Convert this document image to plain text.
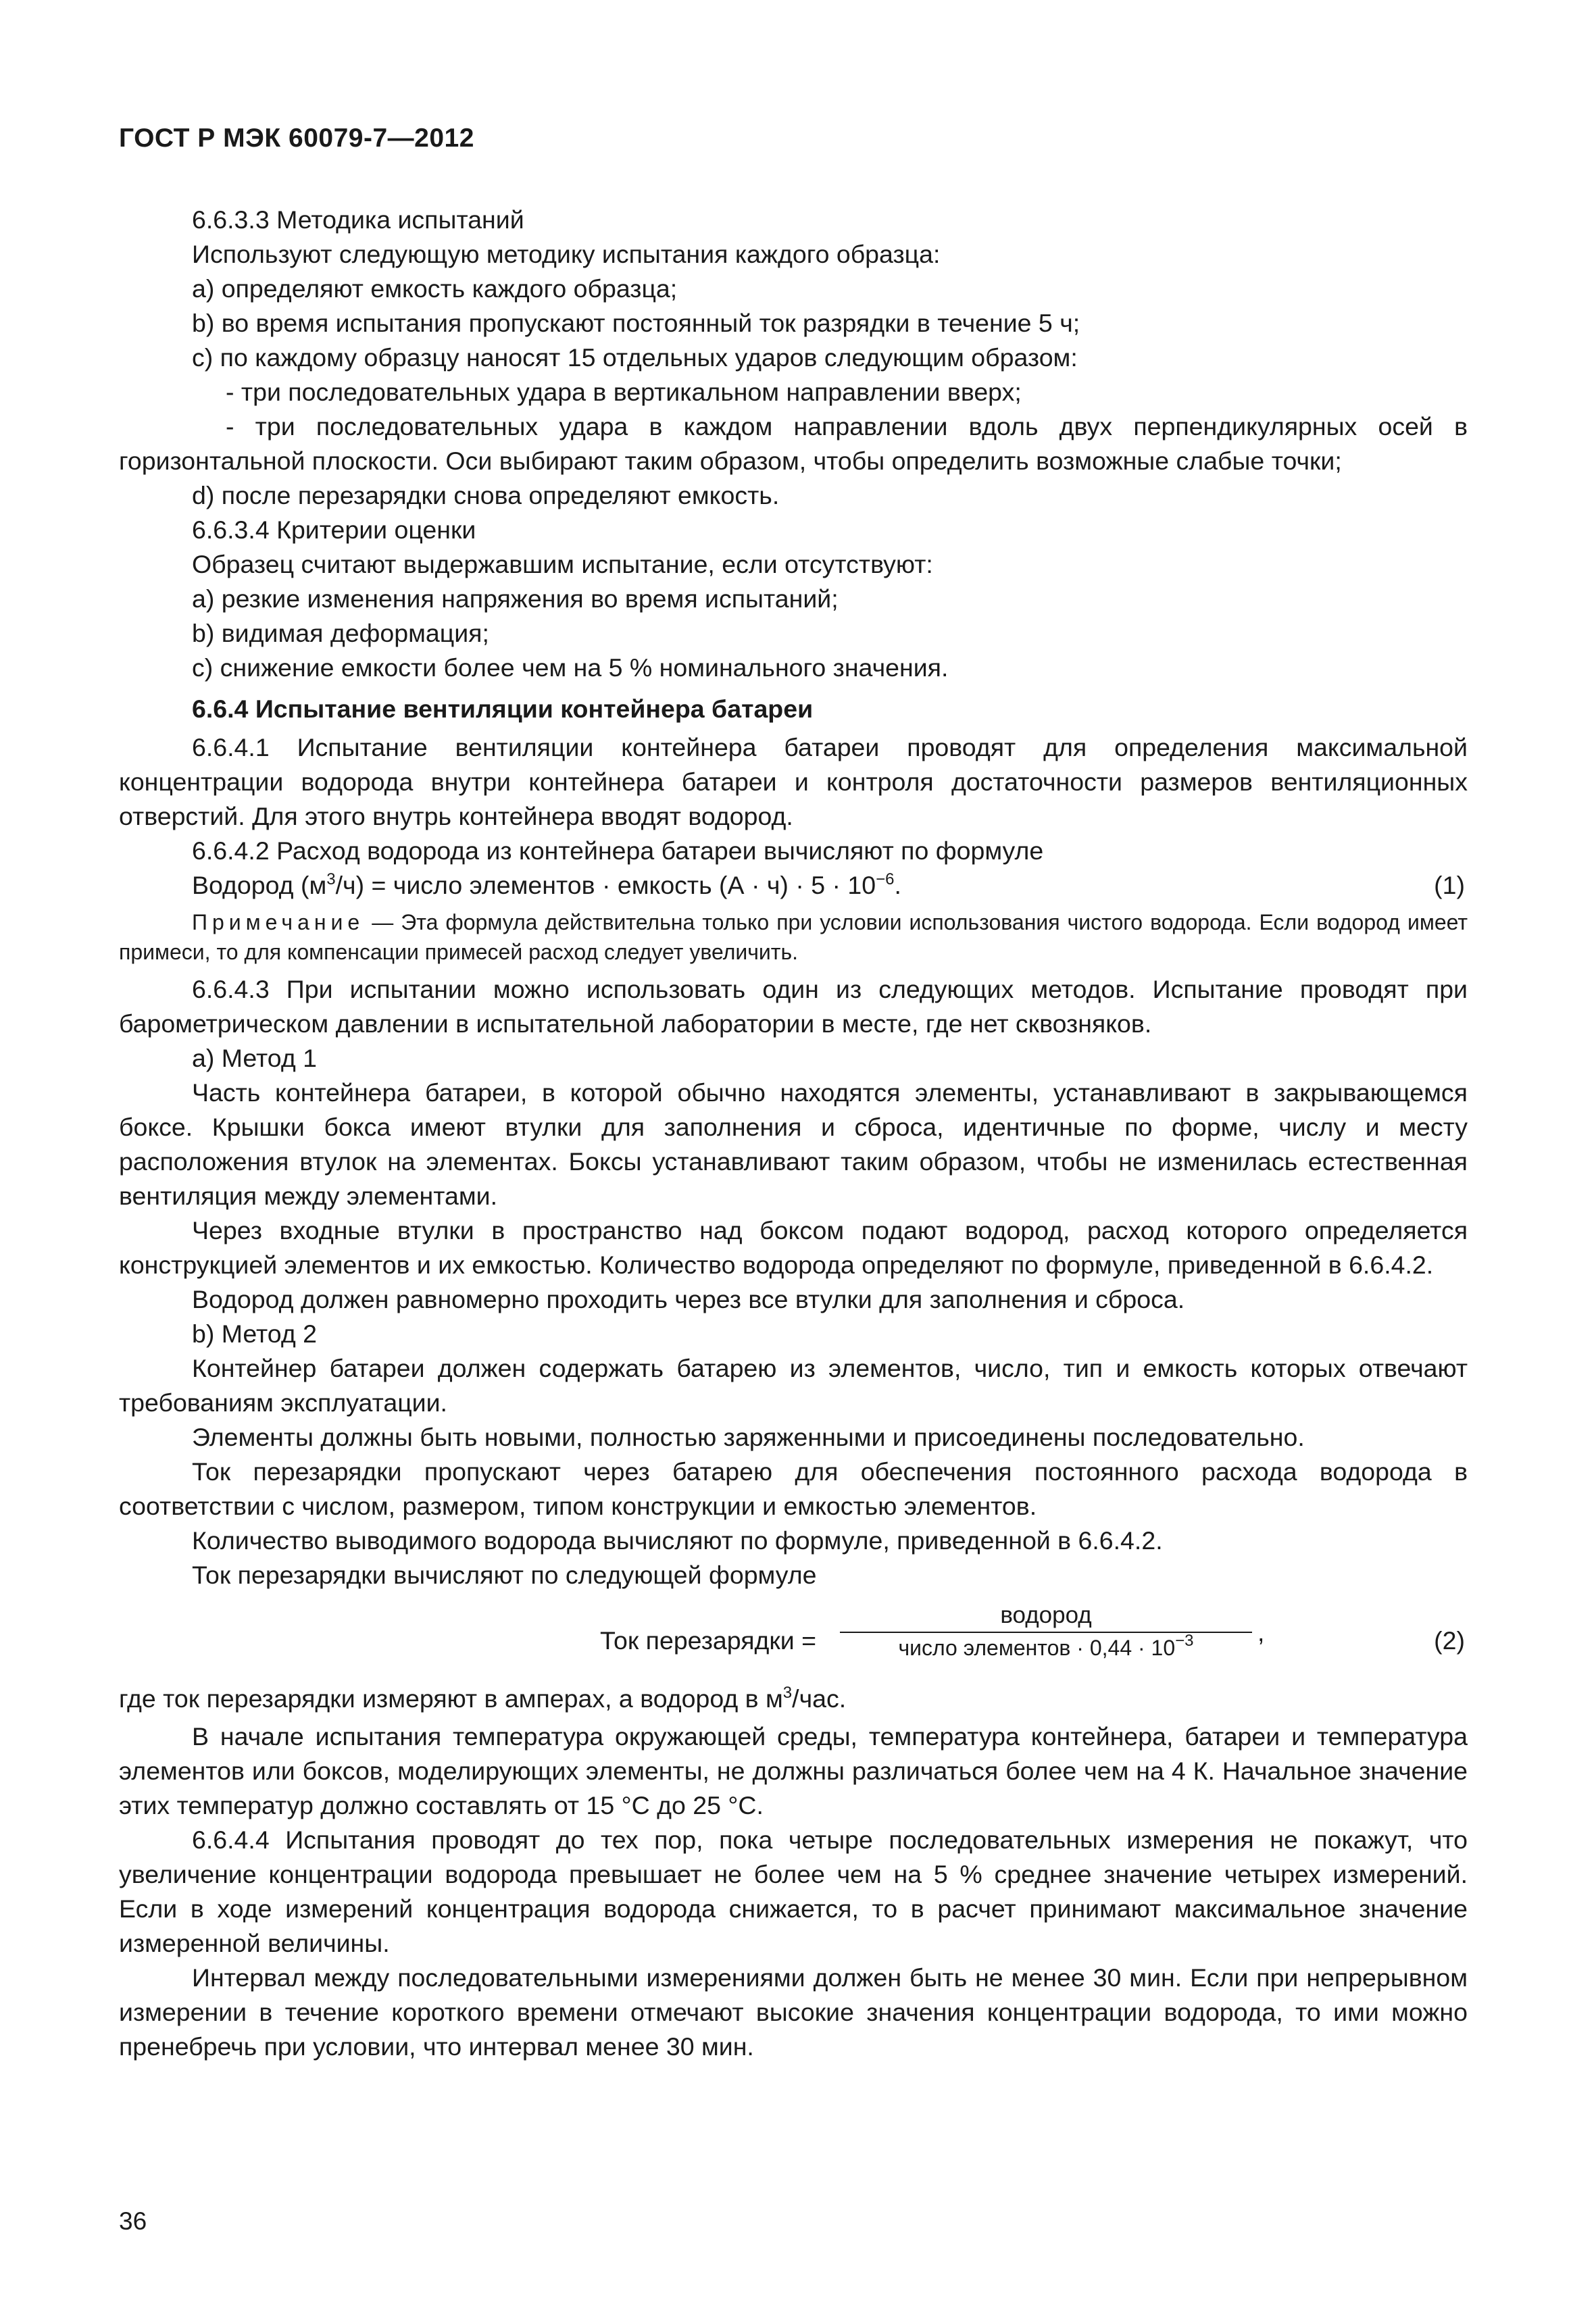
ГОСТ Р МЭК 60079-7—2012

6.6.3.3 Методика испытаний

Используют следующую методику испытания каждого образца:

a) определяют емкость каждого образца;

b) во время испытания пропускают постоянный ток разрядки в течение 5 ч;

c) по каждому образцу наносят 15 отдельных ударов следующим образом:

- три последовательных удара в вертикальном направлении вверх;

- три последовательных удара в каждом направлении вдоль двух перпендикулярных осей в горизонтальной плоскости. Оси выбирают таким образом, чтобы определить возможные слабые точки;

d) после перезарядки снова определяют емкость.

6.6.3.4 Критерии оценки

Образец считают выдержавшим испытание, если отсутствуют:

a) резкие изменения напряжения во время испытаний;

b) видимая деформация;

c) снижение емкости более чем на 5 % номинального значения.

6.6.4 Испытание вентиляции контейнера батареи

6.6.4.1 Испытание вентиляции контейнера батареи проводят для определения максимальной концентрации водорода внутри контейнера батареи и контроля достаточности размеров вентиляционных отверстий. Для этого внутрь контейнера вводят водород.

6.6.4.2 Расход водорода из контейнера батареи вычисляют по формуле

Водород $(м^3/ч)$ = число элементов · емкость $(А \cdot ч) \cdot 5 \cdot 10^{-6}$.	(1)

Примечание — Эта формула действительна только при условии использования чистого водорода. Если водород имеет примеси, то для компенсации примесей расход следует увеличить.

6.6.4.3 При испытании можно использовать один из следующих методов. Испытание проводят при барометрическом давлении в испытательной лаборатории в месте, где нет сквозняков.

a) Метод 1

Часть контейнера батареи, в которой обычно находятся элементы, устанавливают в закрывающемся боксе. Крышки бокса имеют втулки для заполнения и сброса, идентичные по форме, числу и месту расположения втулок на элементах. Боксы устанавливают таким образом, чтобы не изменилась естественная вентиляция между элементами.

Через входные втулки в пространство над боксом подают водород, расход которого определяется конструкцией элементов и их емкостью. Количество водорода определяют по формуле, приведенной в 6.6.4.2.

Водород должен равномерно проходить через все втулки для заполнения и сброса.

b) Метод 2

Контейнер батареи должен содержать батарею из элементов, число, тип и емкость которых отвечают требованиям эксплуатации.

Элементы должны быть новыми, полностью заряженными и присоединены последовательно.

Ток перезарядки пропускают через батарею для обеспечения постоянного расхода водорода в соответствии с числом, размером, типом конструкции и емкостью элементов.

Количество выводимого водорода вычисляют по формуле, приведенной в 6.6.4.2.

Ток перезарядки вычисляют по следующей формуле

Ток перезарядки =
водород
число элементов · $0,44 \cdot 10^{-3}$	,	(2)

где ток перезарядки измеряют в амперах, а водород в $м^3$/час.

В начале испытания температура окружающей среды, температура контейнера, батареи и температура элементов или боксов, моделирующих элементы, не должны различаться более чем на 4 К. Начальное значение этих температур должно составлять от 15 °С до 25 °С.

6.6.4.4 Испытания проводят до тех пор, пока четыре последовательных измерения не покажут, что увеличение концентрации водорода превышает не более чем на 5 % среднее значение четырех измерений. Если в ходе измерений концентрация водорода снижается, то в расчет принимают максимальное значение измеренной величины.

Интервал между последовательными измерениями должен быть не менее 30 мин. Если при непрерывном измерении в течение короткого времени отмечают высокие значения концентрации водорода, то ими можно пренебречь при условии, что интервал менее 30 мин.

36
